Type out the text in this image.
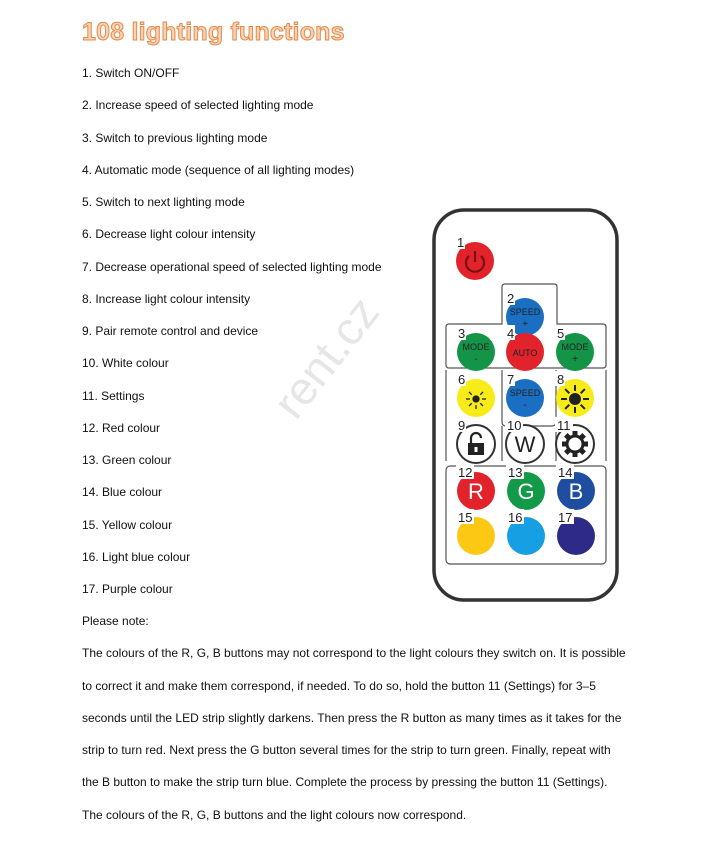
108 lighting functions
rent.cz
1. Switch ON/OFF
2. Increase speed of selected lighting mode
3. Switch to previous lighting mode
4. Automatic mode (sequence of all lighting modes)
5. Switch to next lighting mode
6. Decrease light colour intensity
7. Decrease operational speed of selected lighting mode
8. Increase light colour intensity
9. Pair remote control and device
10. White colour
11. Settings
12. Red colour
13. Green colour
14. Blue colour
15. Yellow colour
16. Light blue colour
17. Purple colour
Please note:
The colours of the R, G, B buttons may not correspond to the light colours they switch on. It is possible
to correct it and make them correspond, if needed. To do so, hold the button 11 (Settings) for 3–5
seconds until the LED strip slightly darkens. Then press the R button as many times as it takes for the
strip to turn red. Next press the G button several times for the strip to turn green. Finally, repeat with
the B button to make the strip turn blue. Complete the process by pressing the button 11 (Settings).
The colours of the R, G, B buttons and the light colours now correspond.
1
2
SPEED
+
3
MODE
-
4
AUTO
5
MODE
+
6	7
SPEED
-
8
9	10
W
11
12
R
13
G
14
B
15	16	17
